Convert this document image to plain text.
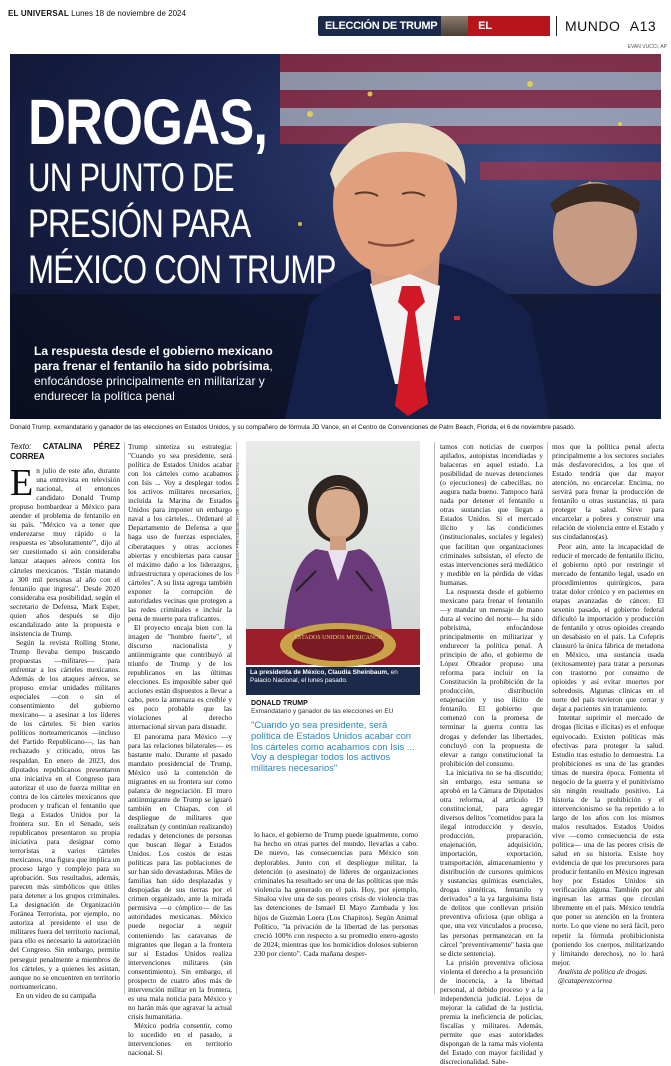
EL UNIVERSAL Lunes 18 de noviembre de 2024
ELECCIÓN DE TRUMP	EL IMPACTO
MUNDO A13
EVAN VUCCI. AP
DROGAS,
UN PUNTO DE
PRESIÓN PARA
MÉXICO CON TRUMP
La respuesta desde el gobierno mexicano para frenar el fentanilo ha sido pobrísima, enfocándose principalmente en militarizar y endurecer la política penal
Donald Trump, exmandatario y ganador de las elecciones en Estados Unidos, y su compañero de fórmula JD Vance, en el Centro de Convenciones de Palm Beach, Florida, el 6 de noviembre pasado.
Texto: CATALINA PÉREZ CORREA

En julio de este año, durante una entrevista en televisión nacional, el entonces candidato Donald Trump propuso bombardear a México para atender el problema de fentanilo en su país. "México va a tener que enderezarse muy rápido o la respuesta es 'absolutamente'", dijo al ser cuestionado si aún consideraba lanzar ataques aéreos contra los cárteles mexicanos. "Están matando a 300 mil personas al año con el fentanilo que ingresa". Desde 2020 consideraba esa posibilidad, según el secretario de Defensa, Mark Esper, quien años después se dijo escandalizado ante la propuesta e insistencia de Trump.

Según la revista Rolling Stone, Trump llevaba tiempo buscando propuestas —militares— para enfrentar a los cárteles mexicanos. Además de los ataques aéreos, se propuso enviar unidades militares especiales —con o sin el consentimiento del gobierno mexicano— a asesinar a los líderes de los cárteles. Si bien varios políticos norteamericanos —incluso del Partido Republicano—, las han rechazado y criticado, otros las respaldan. En enero de 2023, dos diputados republicanos presentaron una iniciativa en el Congreso para autorizar el uso de fuerza militar en contra de los cárteles mexicanos que producen y trafican el fentanilo que llega a Estados Unidos por la frontera sur. En el Senado, seis republicanos presentaron su propia iniciativa para designar como terroristas a varios cárteles mexicanos, una figura que implica un proceso largo y complejo para su aprobación. Sus resultados, además, parecen más simbólicos que útiles para detener a los grupos criminales. La designación de Organización Foránea Terrorista, por ejemplo, no autoriza al presidente el uso de militares fuera del territorio nacional, para ello es necesario la autorización del Congreso. Sin embargo, permite perseguir penalmente a miembros de los cárteles, y a quienes les asistan, aunque no se encuentren en territorio norteamericano.

En un video de su campaña

Trump sintetiza su estrategia: "Cuando yo sea presidente, será política de Estados Unidos acabar con los cárteles como acabamos con Isis ... Voy a desplegar todos los activos militares necesarios, incluida la Marina de Estados Unidos para imponer un embargo naval a los cárteles... Ordenaré al Departamento de Defensa a que haga uso de fuerzas especiales, ciberataques y otras acciones abiertas y encubiertas para causar el máximo daño a los liderazgos, infraestructura y operaciones de los cárteles". A su lista agrega también exponer la corrupción de autoridades vecinas que protegen a las redes criminales e incluir la pena de muerte para traficantes.

El proyecto encaja bien con la imagen de "hombre fuerte", el discurso nacionalista y antiinmigrante que contribuyó al triunfo de Trump y de los republicanos en las últimas elecciones. Es imposible saber qué acciones están dispuestos a llevar a cabo, pero la amenaza es creíble y es poco probable que las violaciones al derecho internacional sirvan para disuadir.

El panorama para México —y para las relaciones bilaterales— es bastante malo. Durante el pasado mandato presidencial de Trump, México usó la contención de migrantes en su frontera sur como palanca de negociación. El muro antiinmigrante de Trump se iguaró también en Chiapas, con el despliegue de militares que realizaban (y continúan realizando) redadas y detenciones de personas que buscan llegar a Estados Unidos. Los costos de estas políticas para las poblaciones de sur han sido devastadoras. Miles de familias han sido desplazadas y despojadas de sus tierras por el crimen organizado, ante la mirada permisiva —o cómplice— de las autoridades mexicanas. México puede negociar a seguir conteniendo las caravanas de migrantes que llegan a la frontera sur si Estados Unidos realiza intervenciones militares (sin consentimiento). Sin embargo, el prospecto de cuatro años más de intervención militar en la frontera, es una mala noticia para México y no harán más que agravar la actual crisis humanitaria.

México podría consentir, como lo sucedido en el pasado, a intervenciones en territorio nacional. Si

CORTESÍA PRESIDENCIA DE MÉXICO. ESPECIAL
ESTADOS UNIDOS MEXICANOS
La presidenta de México, Claudia Sheinbaum, en Palacio Nacional, el lunes pasado.
DONALD TRUMP
Exmandatario y ganador de las elecciones en EU
"Cuando yo sea presidente, será política de Estados Unidos acabar con los cárteles como acabamos con Isis ... Voy a desplegar todos los activos militares necesarios"

lo hace, el gobierno de Trump puede igualmente, como ha hecho en otras partes del mundo, llevarlas a cabo. De nuevo, las consecuencias para México son deplorables. Junto con el despliegue militar, la detención (o asesinato) de líderes de organizaciones criminales ha resultado ser una de las políticas que más violencia ha generado en el país. Hoy, por ejemplo, Sinaloa vive una de sus peores crisis de violencia tras las detenciones de Ismael El Mayo Zambada y los hijos de Guzmán Loera (Los Chapitos). Según Animal Político, "la privación de la libertad de las personas creció 100% con respecto a su promedio enero-agosto de 2024; mientras que los homicidios dolosos subieron 230 por ciento". Cada mañana desper-

tamos con noticias de cuerpos apilados, autopistas incendiadas y balaceras en aquel estado. La posibilidad de nuevas detenciones (o ejecuciones) de cabecillas, no augura nada bueno. Tampoco hará nada por detener el fentanilo u otras sustancias que llegan a Estados Unidos. Si el mercado ilícito y las condiciones (institucionales, sociales y legales) que facilitan que organizaciones criminales subsistan, el efecto de estas intervenciones será mediático y medible en la pérdida de vidas humanas.

La respuesta desde el gobierno mexicano para frenar el fentanilo —y mandar un mensaje de mano dura al vecino del norte— ha sido pobrísima, enfocándose principalmente en militarizar y endurecer la política penal. A principio de año, el gobierno de López Obrador propuso una reforma para incluir en la Constitución la prohibición de la producción, distribución enajenación y uso ilícito de fentanilo. El gobierno que comenzó con la promesa de terminar la guerra contra las drogas y defender las libertades, concluyó con la propuesta de elevar a rango constitucional la prohibición del consumo.

La iniciativa no se ha discutido; sin embargo, esta semana se aprobó en la Cámara de Diputados otra reforma, al artículo 19 constitucional, para agregar diversos delitos "cometidos para la ilegal introducción y desvío, producción, preparación, enajenación, adquisición, importación, exportación, transportación, almacenamiento y distribución de cursores químicos y sustancias químicas esenciales, drogas sintéticas, fentanilo y derivados" a la ya larguísima lista de delitos que conllevan prisión preventiva oficiosa (que obliga a que, una vez vinculados a proceso, las personas permanezcan en la cárcel "preventivamente" hasta que se dicte sentencia).

La prisión preventiva oficiosa violenta el derecho a la presunción de inocencia, a la libertad personal, al debido proceso y a la independencia judicial. Lejos de mejorar la calidad de la justicia, premia la ineficiencia de policías, fiscalías y militares. Además, permite que esas autoridades dispongan de la rama más violenta del Estado con mayor facilidad y discrecionalidad. Sabe-

mos que la política penal afecta principalmente a los sectores sociales más desfavorecidos, a los que el Estado tendría que dar mayor atención, no encarcelar. Encima, no servirá para frenar la producción de fentanilo u otras sustancias, ni para proteger la salud. Sirve para encarcelar a pobres y construir una relación de violencia entre el Estado y sus ciudadanos(as).

Peor aún, ante la incapacidad de reducir el mercado de fentanilo ilícito, el gobierno optó por restringir el mercado de fentanilo legal, usado en procedimientos quirúrgicos, para tratar dolor crónico y en pacientes en etapas avanzadas de cáncer. El sexenio pasado, el gobierno federal dificultó la importación y producción de fentanilo y otros opioides creando un desabasto en el país. La Cofepris clausuró la única fábrica de metadona en México, una sustancia usada (exitosamente) para tratar a personas con trastorno por consumo de opioides y así evitar muertes por sobredosis. Algunas clínicas en el norte del país tuvieron que cerrar y dejar a pacientes sin tratamiento.

Intentar suprimir el mercado de drogas (lícitas e ilícitas) es el enfoque equivocado. Existen políticas más efectivas para proteger la salud. Estudio tras estudio lo demuestra. La prohibiciones es una de las grandes timas de nuestra época. Fomenta el negocio de la guerra y el punitivismo sin ningún resultado positivo. La historia de la prohibición y el intervencionismo se ha repetido a lo largo de los años con los mismos malos resultados. Estados Unidos vive —como consecuencia de esta política— una de las peores crisis de salud en su historia. Existe hoy evidencia de que los precursores para producir fentanilo en México ingresan hoy por Estados Unidos sin verificación alguna. También por ahí ingresan las armas que circulan libremente en el país. México tendría que poner su atención en la frontera norte. Lo que viene no será fácil, pero repetir la fórmula prohibicionista (poniendo los cuerpos, militarizando y limitando derechos), no lo hará mejor.

Analista de política de drogas.

@cataperezcorrea
